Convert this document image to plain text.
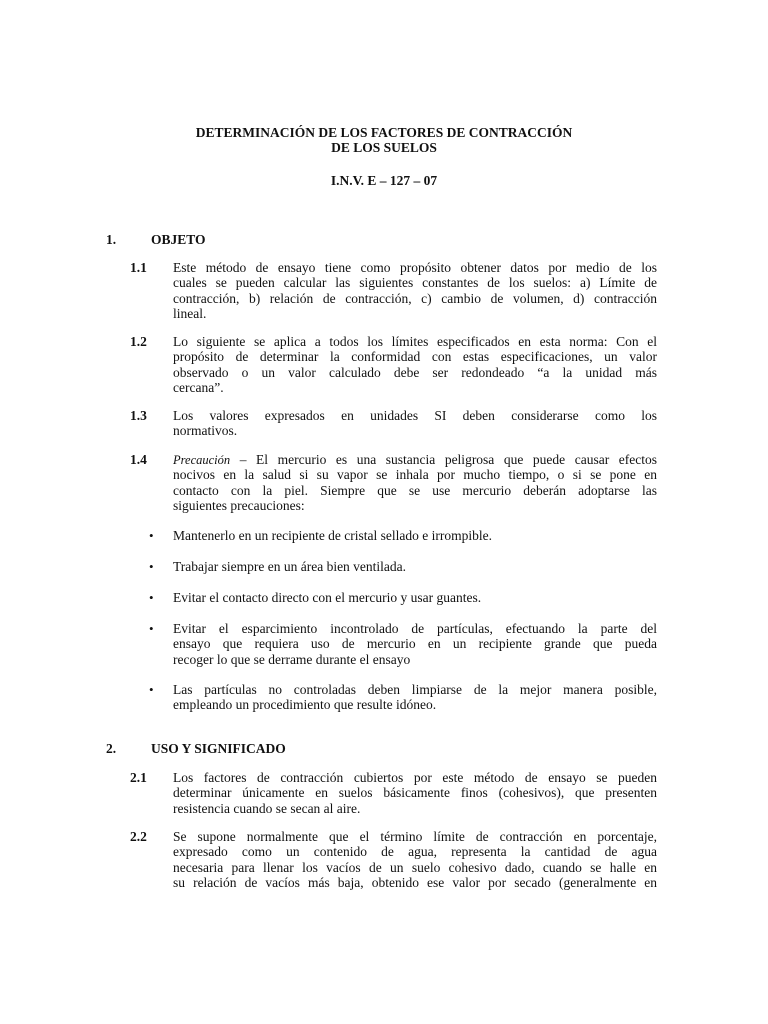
DETERMINACIÓN DE LOS FACTORES DE CONTRACCIÓN
DE LOS SUELOS
I.N.V. E – 127 – 07
1.	OBJETO
1.1 Este método de ensayo tiene como propósito obtener datos por medio de los
cuales se pueden calcular las siguientes constantes de los suelos: a) Límite de
contracción, b) relación de contracción, c) cambio de volumen, d) contracción
lineal.
1.2 Lo siguiente se aplica a todos los límites especificados en esta norma: Con el
propósito de determinar la conformidad con estas especificaciones, un valor
observado o un valor calculado debe ser redondeado “a la unidad más
cercana”.
1.3 Los valores expresados en unidades SI deben considerarse como los
normativos.
1.4 Precaución – El mercurio es una sustancia peligrosa que puede causar efectos
nocivos en la salud si su vapor se inhala por mucho tiempo, o si se pone en
contacto con la piel. Siempre que se use mercurio deberán adoptarse las
siguientes precauciones:
• Mantenerlo en un recipiente de cristal sellado e irrompible.
• Trabajar siempre en un área bien ventilada.
• Evitar el contacto directo con el mercurio y usar guantes.
• Evitar el esparcimiento incontrolado de partículas, efectuando la parte del
ensayo que requiera uso de mercurio en un recipiente grande que pueda
recoger lo que se derrame durante el ensayo
• Las partículas no controladas deben limpiarse de la mejor manera posible,
empleando un procedimiento que resulte idóneo.
2.	USO Y SIGNIFICADO
2.1 Los factores de contracción cubiertos por este método de ensayo se pueden
determinar únicamente en suelos básicamente finos (cohesivos), que presenten
resistencia cuando se secan al aire.
2.2 Se supone normalmente que el término límite de contracción en porcentaje,
expresado como un contenido de agua, representa la cantidad de agua
necesaria para llenar los vacíos de un suelo cohesivo dado, cuando se halle en
su relación de vacíos más baja, obtenido ese valor por secado (generalmente en
